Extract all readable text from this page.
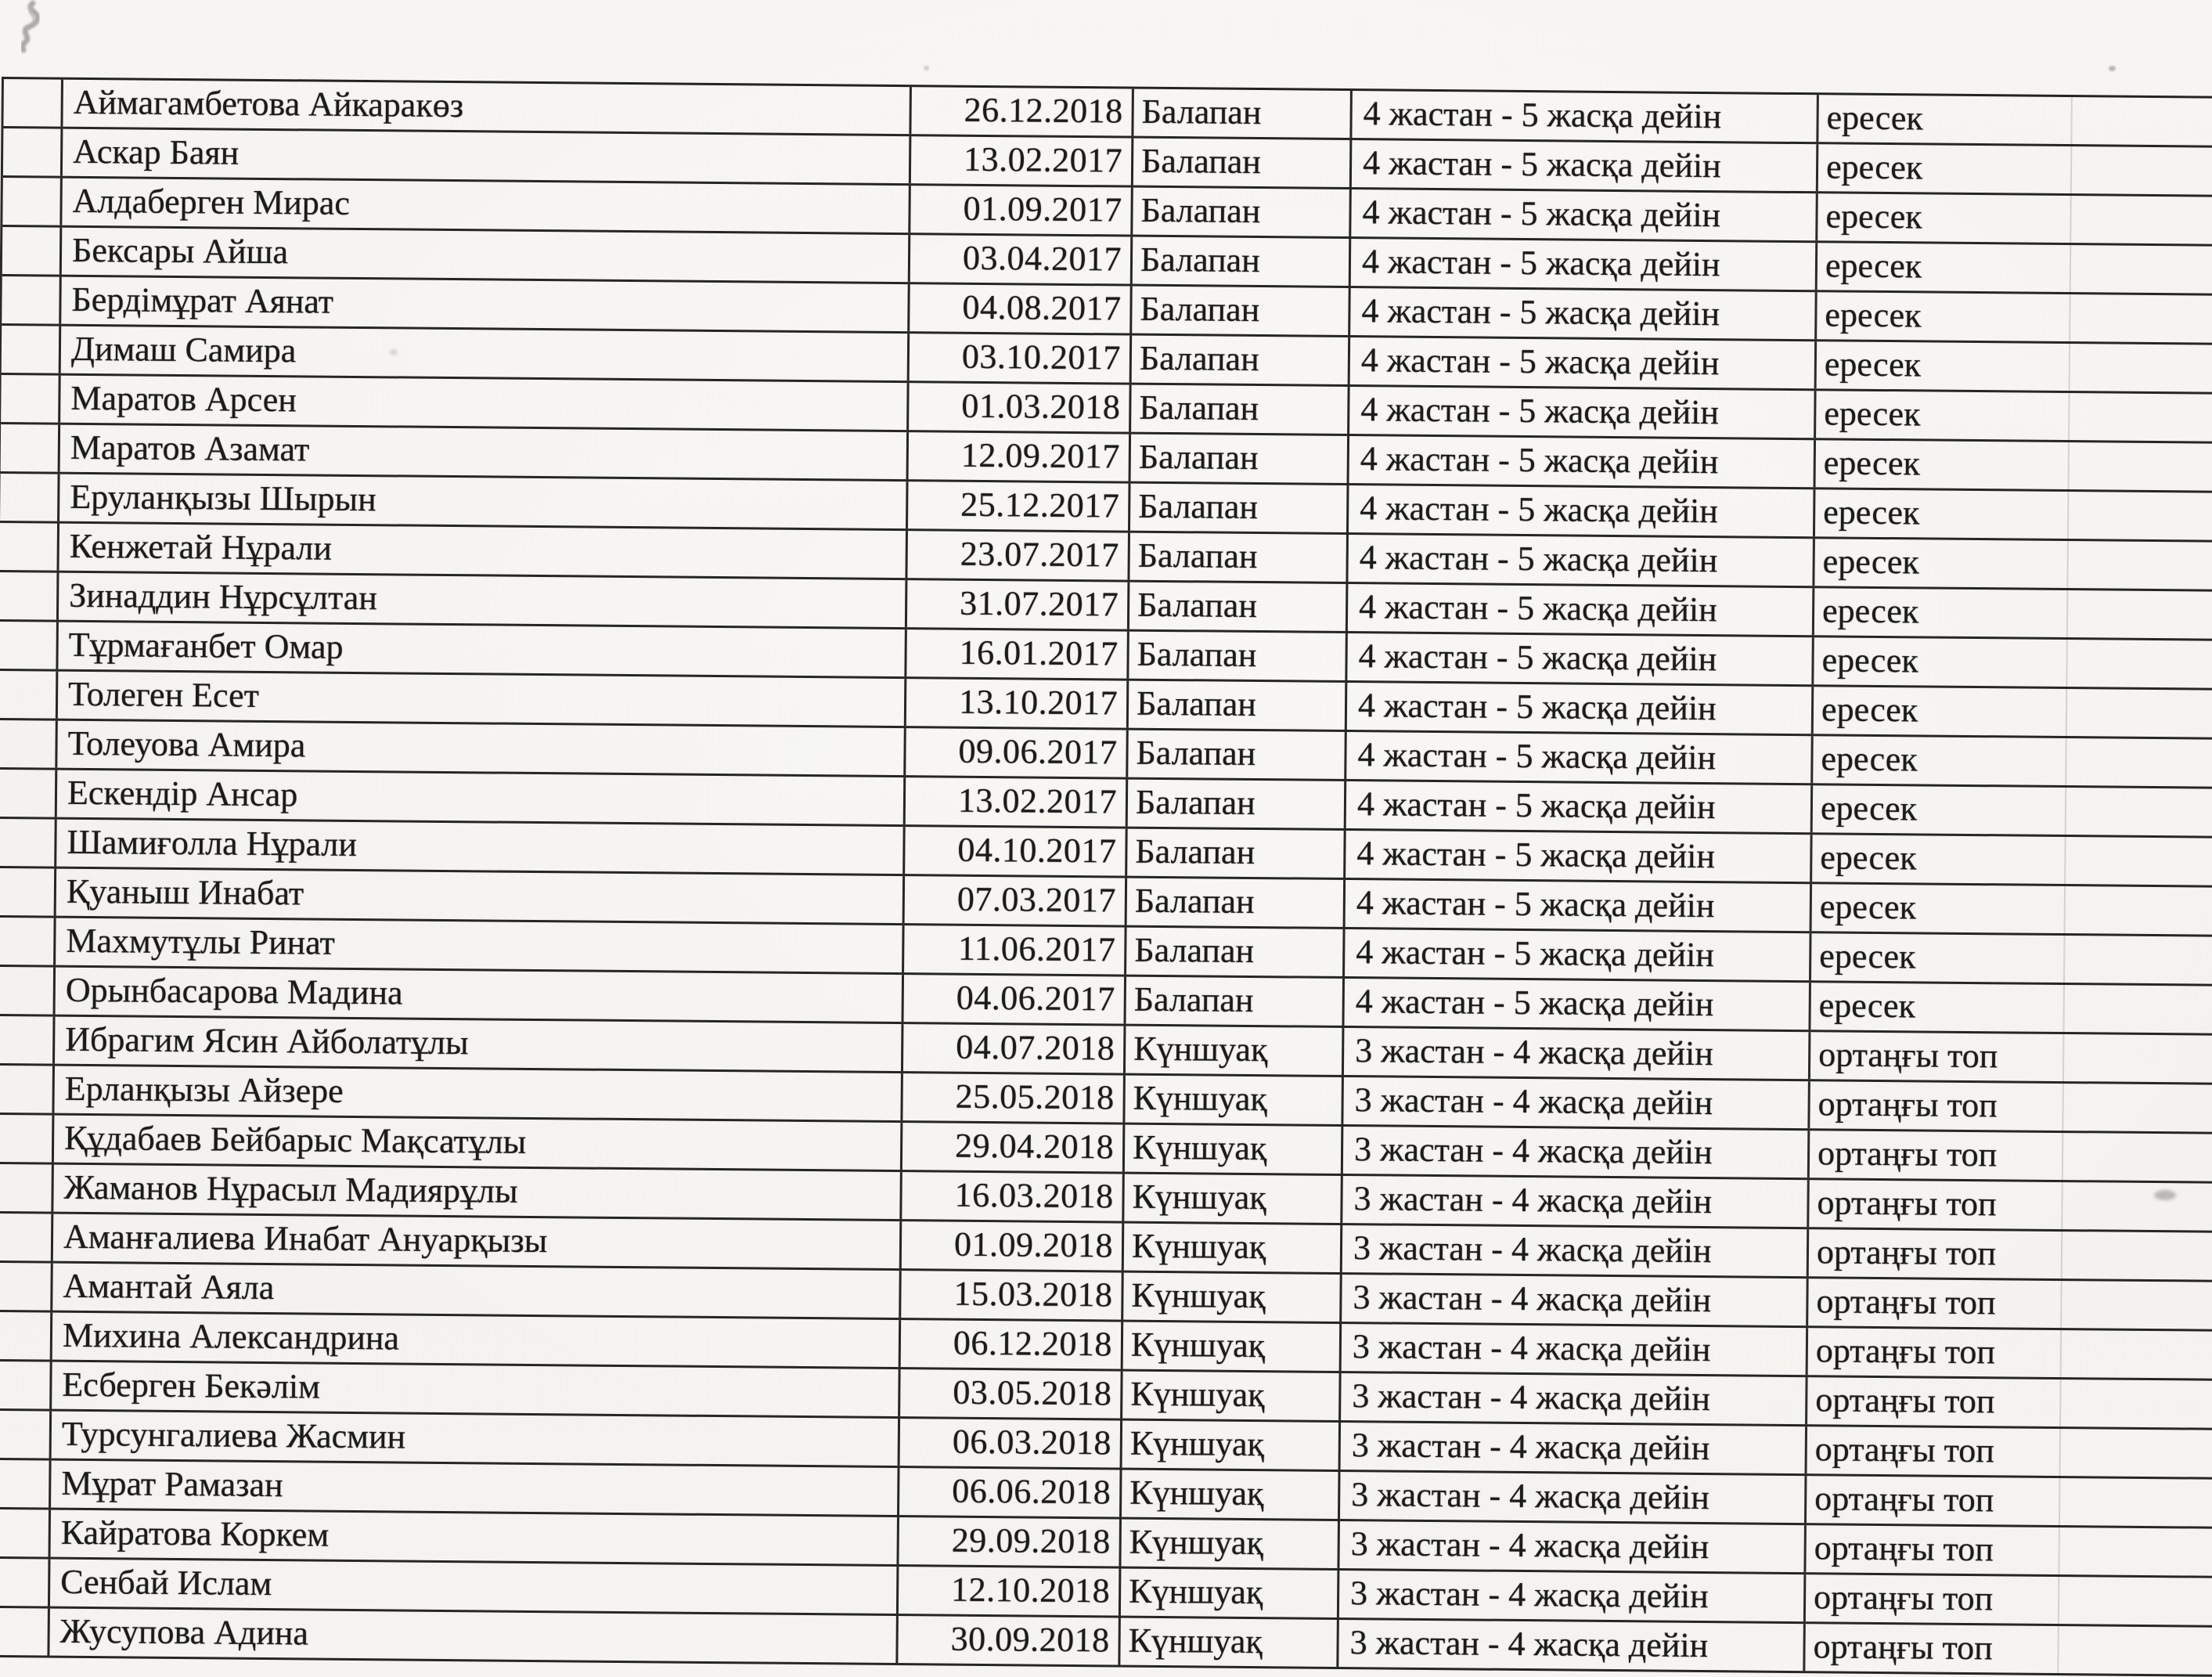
Аймагамбетова Айкаракөз	26.12.2018 Балапан	4 жастан - 5 жасқа дейін	ересек
Аскар Баян	13.02.2017 Балапан	4 жастан - 5 жасқа дейін	ересек
Алдаберген Мирас	01.09.2017 Балапан	4 жастан - 5 жасқа дейін	ересек
Бексары Айша	03.04.2017 Балапан	4 жастан - 5 жасқа дейін	ересек
Бердімұрат Аянат	04.08.2017 Балапан	4 жастан - 5 жасқа дейін	ересек
Димаш Самира	03.10.2017 Балапан	4 жастан - 5 жасқа дейін	ересек
Маратов Арсен	01.03.2018 Балапан	4 жастан - 5 жасқа дейін	ересек
Маратов Азамат	12.09.2017 Балапан	4 жастан - 5 жасқа дейін	ересек
Еруланқызы Шырын	25.12.2017 Балапан	4 жастан - 5 жасқа дейін	ересек
Кенжетай Нұрали	23.07.2017 Балапан	4 жастан - 5 жасқа дейін	ересек
Зинаддин Нұрсұлтан	31.07.2017 Балапан	4 жастан - 5 жасқа дейін	ересек
Тұрмағанбет Омар	16.01.2017 Балапан	4 жастан - 5 жасқа дейін	ересек
Толеген Есет	13.10.2017 Балапан	4 жастан - 5 жасқа дейін	ересек
Толеуова Амира	09.06.2017 Балапан	4 жастан - 5 жасқа дейін	ересек
Ескендір Ансар	13.02.2017 Балапан	4 жастан - 5 жасқа дейін	ересек
Шамиғолла Нұрали	04.10.2017 Балапан	4 жастан - 5 жасқа дейін	ересек
Қуаныш Инабат	07.03.2017 Балапан	4 жастан - 5 жасқа дейін	ересек
Махмутұлы Ринат	11.06.2017 Балапан	4 жастан - 5 жасқа дейін	ересек
Орынбасарова Мадина	04.06.2017 Балапан	4 жастан - 5 жасқа дейін	ересек
Ибрагим Ясин Айболатұлы	04.07.2018 Күншуақ	3 жастан - 4 жасқа дейін	ортаңғы топ
Ерланқызы Айзере	25.05.2018 Күншуақ	3 жастан - 4 жасқа дейін	ортаңғы топ
Құдабаев Бейбарыс Мақсатұлы	29.04.2018 Күншуақ	3 жастан - 4 жасқа дейін	ортаңғы топ
Жаманов Нұрасыл Мадиярұлы	16.03.2018 Күншуақ	3 жастан - 4 жасқа дейін	ортаңғы топ
Аманғалиева Инабат Ануарқызы	01.09.2018 Күншуақ	3 жастан - 4 жасқа дейін	ортаңғы топ
Амантай Аяла	15.03.2018 Күншуақ	3 жастан - 4 жасқа дейін	ортаңғы топ
Михина Александрина	06.12.2018 Күншуақ	3 жастан - 4 жасқа дейін	ортаңғы топ
Есберген Бекәлім	03.05.2018 Күншуақ	3 жастан - 4 жасқа дейін	ортаңғы топ
Турсунгалиева Жасмин	06.03.2018 Күншуақ	3 жастан - 4 жасқа дейін	ортаңғы топ
Мұрат Рамазан	06.06.2018 Күншуақ	3 жастан - 4 жасқа дейін	ортаңғы топ
Кайратова Коркем	29.09.2018 Күншуақ	3 жастан - 4 жасқа дейін	ортаңғы топ
Сенбай Ислам	12.10.2018 Күншуақ	3 жастан - 4 жасқа дейін	ортаңғы топ
Жусупова Адина	30.09.2018 Күншуақ	3 жастан - 4 жасқа дейін	ортаңғы топ
